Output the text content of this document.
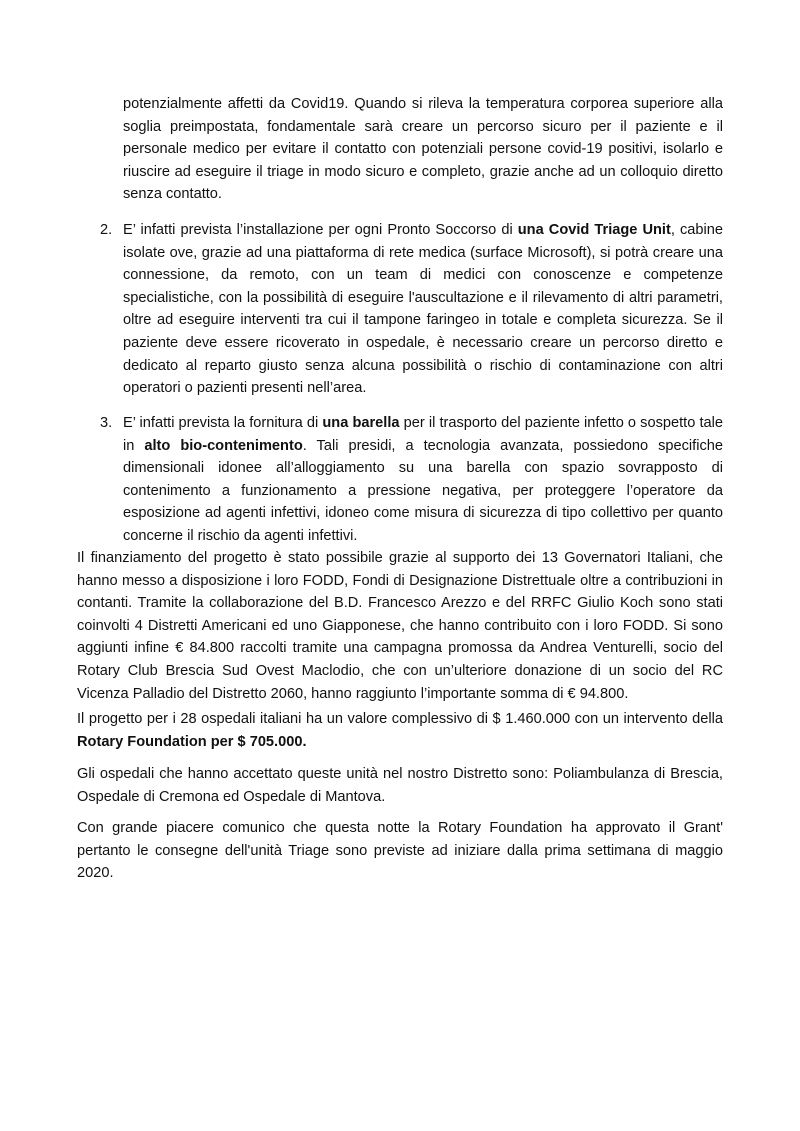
potenzialmente affetti da Covid19. Quando si rileva la temperatura corporea superiore alla soglia preimpostata, fondamentale sarà creare un percorso sicuro per il paziente e il personale medico per evitare il contatto con potenziali persone covid-19 positivi, isolarlo e riuscire ad eseguire il triage in modo sicuro e completo, grazie anche ad un colloquio diretto senza contatto.

2. E’ infatti prevista l’installazione per ogni Pronto Soccorso di una Covid Triage Unit, cabine isolate ove, grazie ad una piattaforma di rete medica (surface Microsoft), si potrà creare una connessione, da remoto, con un team di medici con conoscenze e competenze specialistiche, con la possibilità di eseguire l'auscultazione e il rilevamento di altri parametri, oltre ad eseguire interventi tra cui il tampone faringeo in totale e completa sicurezza. Se il paziente deve essere ricoverato in ospedale, è necessario creare un percorso diretto e dedicato al reparto giusto senza alcuna possibilità o rischio di contaminazione con altri operatori o pazienti presenti nell’area.

3. E’ infatti prevista la fornitura di una barella per il trasporto del paziente infetto o sospetto tale in alto bio-contenimento. Tali presidi, a tecnologia avanzata, possiedono specifiche dimensionali idonee all’alloggiamento su una barella con spazio sovrapposto di contenimento a funzionamento a pressione negativa, per proteggere l’operatore da esposizione ad agenti infettivi, idoneo come misura di sicurezza di tipo collettivo per quanto concerne il rischio da agenti infettivi.

Il finanziamento del progetto è stato possibile grazie al supporto dei 13 Governatori Italiani, che hanno messo a disposizione i loro FODD, Fondi di Designazione Distrettuale oltre a contribuzioni in contanti. Tramite la collaborazione del B.D. Francesco Arezzo e del RRFC Giulio Koch sono stati coinvolti 4 Distretti Americani ed uno Giapponese, che hanno contribuito con i loro FODD. Si sono aggiunti infine € 84.800 raccolti tramite una campagna promossa da Andrea Venturelli, socio del Rotary Club Brescia Sud Ovest Maclodio, che con un’ulteriore donazione di un socio del RC Vicenza Palladio del Distretto 2060, hanno raggiunto l’importante somma di € 94.800.

Il progetto per i 28 ospedali italiani ha un valore complessivo di $ 1.460.000 con un intervento della Rotary Foundation per $ 705.000.

Gli ospedali che hanno accettato queste unità nel nostro Distretto sono: Poliambulanza di Brescia, Ospedale di Cremona ed Ospedale di Mantova.

Con grande piacere comunico che questa notte la Rotary Foundation ha approvato il Grant' pertanto le consegne dell'unità Triage sono previste ad iniziare dalla prima settimana di maggio 2020.
